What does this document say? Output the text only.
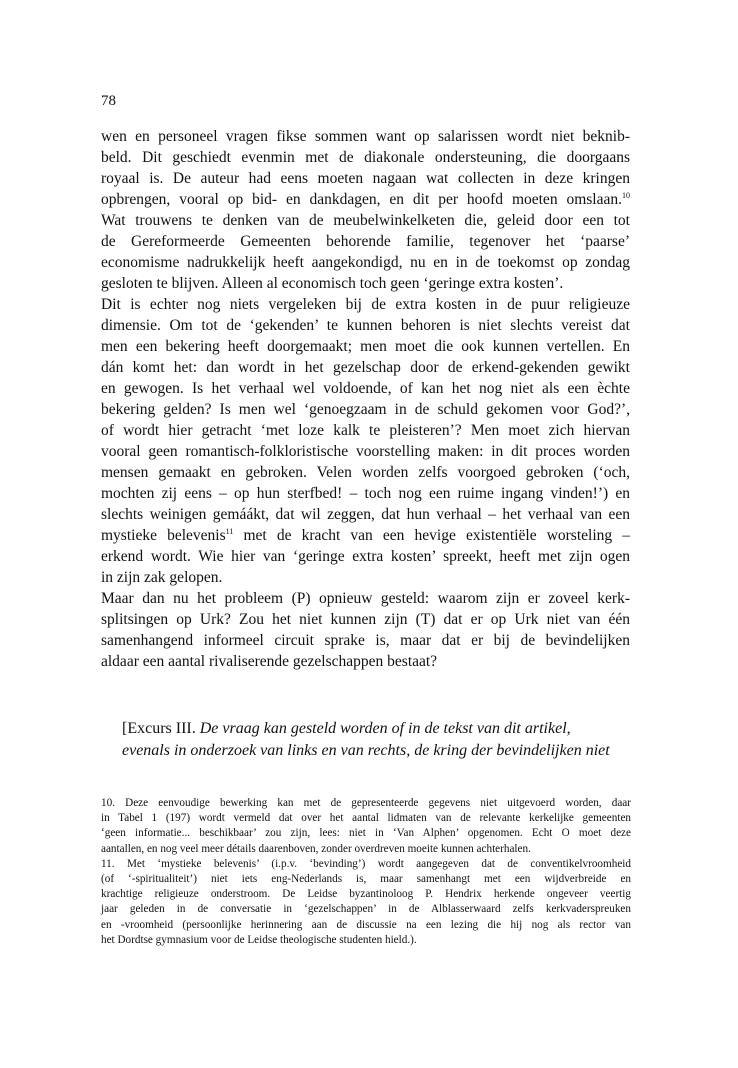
78
wen en personeel vragen fikse sommen want op salarissen wordt niet beknib-
beld. Dit geschiedt evenmin met de diakonale ondersteuning, die doorgaans
royaal is. De auteur had eens moeten nagaan wat collecten in deze kringen
opbrengen, vooral op bid- en dankdagen, en dit per hoofd moeten omslaan.$^{10}$
Wat trouwens te denken van de meubelwinkelketen die, geleid door een tot
de Gereformeerde Gemeenten behorende familie, tegenover het ‘paarse’
economisme nadrukkelijk heeft aangekondigd, nu en in de toekomst op zondag
gesloten te blijven. Alleen al economisch toch geen ‘geringe extra kosten’.
Dit is echter nog niets vergeleken bij de extra kosten in de puur religieuze
dimensie. Om tot de ‘gekenden’ te kunnen behoren is niet slechts vereist dat
men een bekering heeft doorgemaakt; men moet die ook kunnen vertellen. En
dán komt het: dan wordt in het gezelschap door de erkend-gekenden gewikt
en gewogen. Is het verhaal wel voldoende, of kan het nog niet als een èchte
bekering gelden? Is men wel ‘genoegzaam in de schuld gekomen voor God?’,
of wordt hier getracht ‘met loze kalk te pleisteren’? Men moet zich hiervan
vooral geen romantisch-folkloristische voorstelling maken: in dit proces worden
mensen gemaakt en gebroken. Velen worden zelfs voorgoed gebroken (‘och,
mochten zij eens – op hun sterfbed! – toch nog een ruime ingang vinden!’) en
slechts weinigen gemáákt, dat wil zeggen, dat hun verhaal – het verhaal van een
mystieke belevenis$^{11}$ met de kracht van een hevige existentiële worsteling –
erkend wordt. Wie hier van ‘geringe extra kosten’ spreekt, heeft met zijn ogen
in zijn zak gelopen.
Maar dan nu het probleem (P) opnieuw gesteld: waarom zijn er zoveel kerk-
splitsingen op Urk? Zou het niet kunnen zijn (T) dat er op Urk niet van één
samenhangend informeel circuit sprake is, maar dat er bij de bevindelijken
aldaar een aantal rivaliserende gezelschappen bestaat?
[Excurs III. De vraag kan gesteld worden of in de tekst van dit artikel,
evenals in onderzoek van links en van rechts, de kring der bevindelijken niet
10. Deze eenvoudige bewerking kan met de gepresenteerde gegevens niet uitgevoerd worden, daar
in Tabel 1 (197) wordt vermeld dat over het aantal lidmaten van de relevante kerkelijke gemeenten
‘geen informatie... beschikbaar’ zou zijn, lees: niet in ‘Van Alphen’ opgenomen. Echt O moet deze
aantallen, en nog veel meer détails daarenboven, zonder overdreven moeite kunnen achterhalen.
11. Met ‘mystieke belevenis’ (i.p.v. ‘bevinding’) wordt aangegeven dat de conventikelvroomheid
(of ‘-spiritualiteit’) niet iets eng-Nederlands is, maar samenhangt met een wijdverbreide en
krachtige religieuze onderstroom. De Leidse byzantinoloog P. Hendrix herkende ongeveer veertig
jaar geleden in de conversatie in ‘gezelschappen’ in de Alblasserwaard zelfs kerkvaderspreuken
en -vroomheid (persoonlijke herinnering aan de discussie na een lezing die hij nog als rector van
het Dordtse gymnasium voor de Leidse theologische studenten hield.).
